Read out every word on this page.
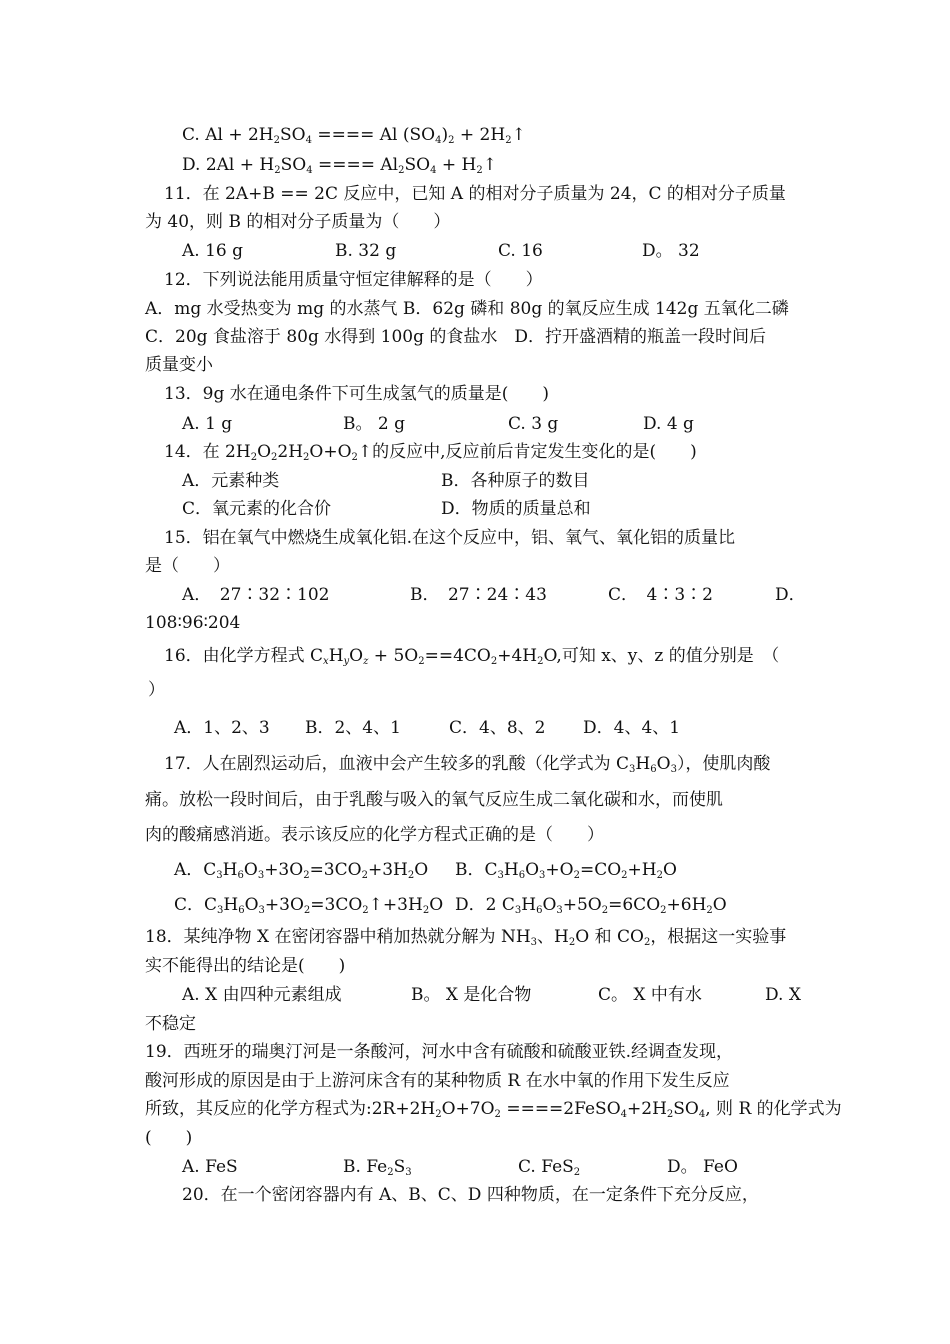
C. $Al + 2H_2SO_4$ ==== Al $(SO_4)_2$ + $2H_2↑$
D. $2Al + H_2SO_4$ ==== $Al_2SO_4$ + $H_2↑$
11．在 2A+B == 2C 反应中，已知 A 的相对分子质量为 24，C 的相对分子质量
为 40，则 B 的相对分子质量为（　　）
A. 16 g	B. 32 g	C. 16	D。 32
12．下列说法能用质量守恒定律解释的是（　　）
A．mg 水受热变为 mg 的水蒸气 B．62g 磷和 80g 的氧反应生成 142g 五氧化二磷
C．20g 食盐溶于 80g 水得到 100g 的食盐水　D．拧开盛酒精的瓶盖一段时间后
质量变小
13．9g 水在通电条件下可生成氢气的质量是(　　)
A. 1 g	B。 2 g	C. 3 g	D. 4 g
14．在 $2H_2O_22H_2O+O_2↑$的反应中,反应前后肯定发生变化的是(　　)
A．元素种类	B．各种原子的数目
C．氧元素的化合价	D．物质的质量总和
15．铝在氧气中燃烧生成氧化铝.在这个反应中，铝、氧气、氧化铝的质量比
是（　　）
A．　27∶32∶102	B．　27∶24∶43	C．　4∶3∶2	D．
108∶96∶204
16．由化学方程式 $C_xH_yO_z + 5O_2==4CO_2+4H_2O$,可知 x、y、z 的值分别是　（
）
A．1、2、3 B．2、4、1	C．4、8、2 D．4、4、1
17．人在剧烈运动后，血液中会产生较多的乳酸（化学式为 $C_3H_6O_3$），使肌肉酸
痛。放松一段时间后，由于乳酸与吸入的氧气反应生成二氧化碳和水，而使肌
肉的酸痛感消逝。表示该反应的化学方程式正确的是（　　）
A．$C_3H_6O_3+3O_2=3CO_2+3H_2O$ B．$C_3H_6O_3+O_2=CO_2+H_2O$
C．$C_3H_6O_3+3O_2=3CO_2↑+3H_2O$ D．2 $C_3H_6O_3+5O_2=6CO_2+6H_2O$
18．某纯净物 X 在密闭容器中稍加热就分解为 $NH_3$、$H_2O$ 和 $CO_2$，根据这一实验事
实不能得出的结论是(　　)
A. X 由四种元素组成	B。 X 是化合物	C。 X 中有水	D. X
不稳定
19．西班牙的瑞奥汀河是一条酸河，河水中含有硫酸和硫酸亚铁.经调查发现，
酸河形成的原因是由于上游河床含有的某种物质 R 在水中氧的作用下发生反应
所致，其反应的化学方程式为$:2R+2H_2O+7O_2$ $====2FeSO_4+2H_2SO_4$, 则 R 的化学式为
(　　)
A. FeS	B. $Fe_2S_3$	C. FeS$_2$	D。 FeO
20．在一个密闭容器内有 A、B、C、D 四种物质，在一定条件下充分反应，
